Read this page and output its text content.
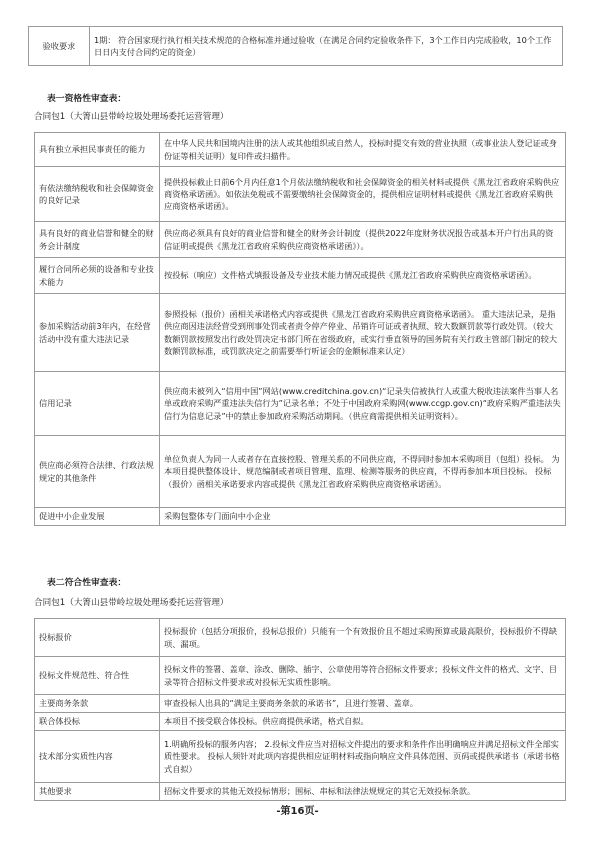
验收要求	1期： 符合国家现行执行相关技术规范的合格标准并通过验收（在满足合同约定验收条件下，3个工作日内完成验收，10个工作日日内支付合同约定的资金）
表一资格性审查表：
合同包1（大箐山县带岭垃圾处理场委托运营管理）
具有独立承担民事责任的能力	在中华人民共和国境内注册的法人或其他组织或自然人，投标时提交有效的营业执照（或事业法人登记证或身份证等相关证明）复印件或扫描件。
有依法缴纳税收和社会保障资金的良好记录	提供投标截止日前6个月内任意1个月依法缴纳税收和社会保障资金的相关材料或提供《黑龙江省政府采购供应商资格承诺函》。如依法免税或不需要缴纳社会保障资金的，提供相应证明材料或提供《黑龙江省政府采购供应商资格承诺函》。
具有良好的商业信誉和健全的财务会计制度	供应商必须具有良好的商业信誉和健全的财务会计制度（提供2022年度财务状况报告或基本开户行出具的资信证明或提供《黑龙江省政府采购供应商资格承诺函》）。
履行合同所必须的设备和专业技术能力	按投标（响应）文件格式填报设备及专业技术能力情况或提供《黑龙江省政府采购供应商资格承诺函》。
参加采购活动前3年内，在经营活动中没有重大违法记录	参照投标（报价）函相关承诺格式内容或提供《黑龙江省政府采购供应商资格承诺函》。 重大违法记录，是指供应商因违法经营受到刑事处罚或者责令停产停业、吊销许可证或者执照、较大数额罚款等行政处罚。（较大数额罚款按照发出行政处罚决定书部门所在省级政府，或实行垂直领导的国务院有关行政主管部门制定的较大数额罚款标准，或罚款决定之前需要举行听证会的金额标准来认定）
信用记录	供应商未被列入“信用中国”网站(www.creditchina.gov.cn)“记录失信被执行人或重大税收违法案件当事人名单或政府采购严重违法失信行为”记录名单；不处于中国政府采购网(www.ccgp.gov.cn)“政府采购严重违法失信行为信息记录”中的禁止参加政府采购活动期间。（供应商需提供相关证明资料）。
供应商必须符合法律、行政法规规定的其他条件	单位负责人为同一人或者存在直接控股、管理关系的不同供应商，不得同时参加本采购项目（包组）投标。 为本项目提供整体设计、规范编制或者项目管理、监理、检测等服务的供应商，不得再参加本项目投标。 投标（报价）函相关承诺要求内容或提供《黑龙江省政府采购供应商资格承诺函》。
促进中小企业发展	采购包整体专门面向中小企业
表二符合性审查表：
合同包1（大箐山县带岭垃圾处理场委托运营管理）
投标报价	投标报价（包括分项报价，投标总报价）只能有一个有效报价且不超过采购预算或最高限价，投标报价不得缺项、漏项。
投标文件规范性、符合性	投标文件的签署、盖章、涂改、删除、插字、公章使用等符合招标文件要求；投标文件文件的格式、文字、目录等符合招标文件要求或对投标无实质性影响。
主要商务条款	审查投标人出具的“满足主要商务条款的承诺书”，且进行签署、盖章。
联合体投标	本项目不接受联合体投标。供应商提供承诺，格式自拟。
技术部分实质性内容	1.明确所投标的服务内容； 2.投标文件应当对招标文件提出的要求和条件作出明确响应并满足招标文件全部实质性要求。 投标人须针对此项内容提供相应证明材料或指向响应文件具体范围、页码或提供承诺书（承诺书格式自拟）
其他要求	招标文件要求的其他无效投标情形；围标、串标和法律法规规定的其它无效投标条款。
-第16页-
